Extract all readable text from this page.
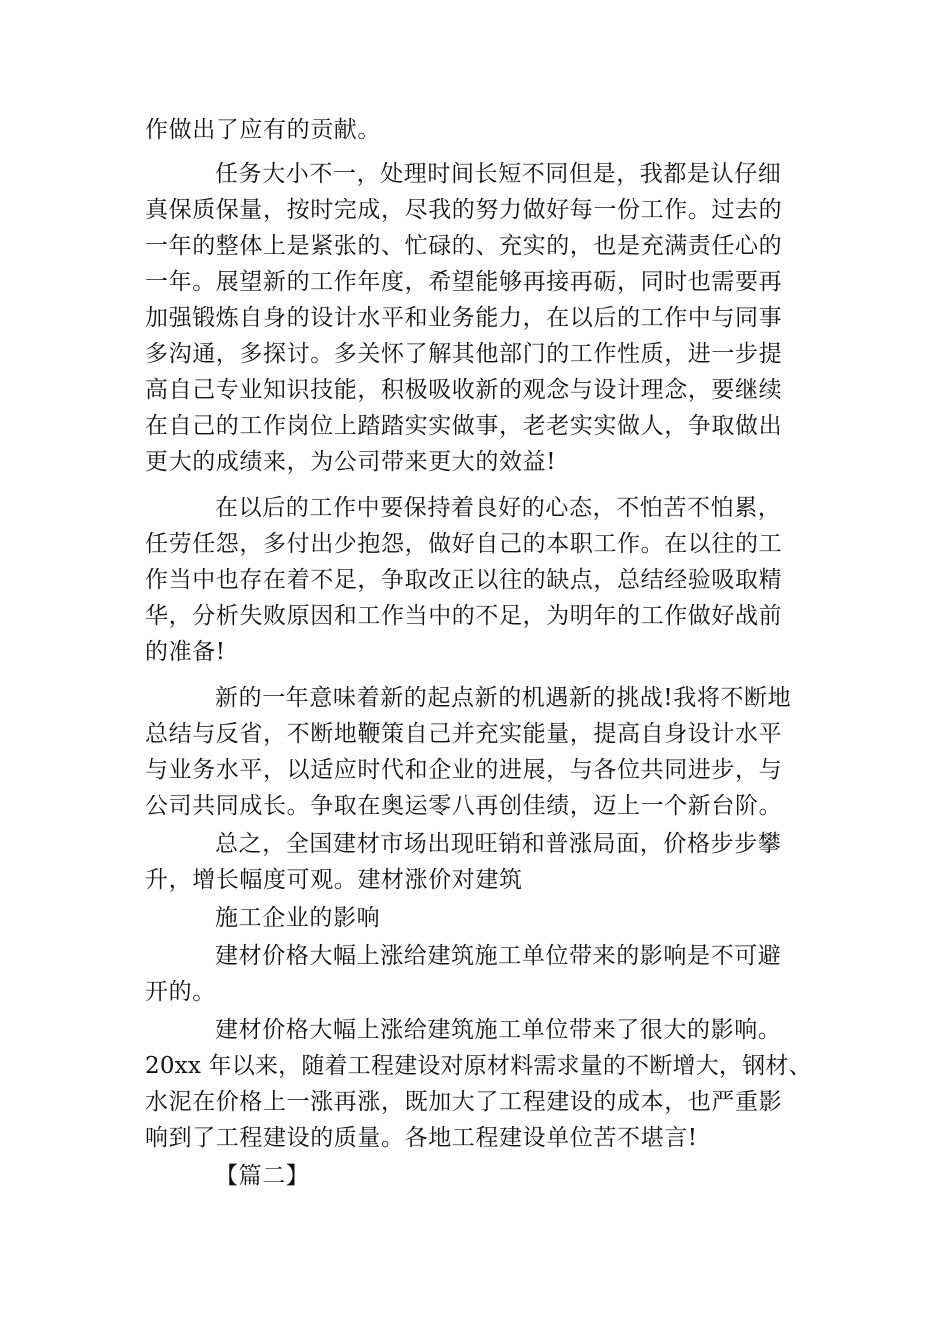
作做出了应有的贡献。
任务大小不一，处理时间长短不同但是，我都是认仔细
真保质保量，按时完成，尽我的努力做好每一份工作。过去的
一年的整体上是紧张的、忙碌的、充实的，也是充满责任心的
一年。展望新的工作年度，希望能够再接再砺，同时也需要再
加强锻炼自身的设计水平和业务能力，在以后的工作中与同事
多沟通，多探讨。多关怀了解其他部门的工作性质，进一步提
高自己专业知识技能，积极吸收新的观念与设计理念，要继续
在自己的工作岗位上踏踏实实做事，老老实实做人，争取做出
更大的成绩来，为公司带来更大的效益!
在以后的工作中要保持着良好的心态，不怕苦不怕累，
任劳任怨，多付出少抱怨，做好自己的本职工作。在以往的工
作当中也存在着不足，争取改正以往的缺点，总结经验吸取精
华，分析失败原因和工作当中的不足，为明年的工作做好战前
的准备!
新的一年意味着新的起点新的机遇新的挑战!我将不断地
总结与反省，不断地鞭策自己并充实能量，提高自身设计水平
与业务水平，以适应时代和企业的进展，与各位共同进步，与
公司共同成长。争取在奥运零八再创佳绩，迈上一个新台阶。
总之，全国建材市场出现旺销和普涨局面，价格步步攀
升，增长幅度可观。建材涨价对建筑
施工企业的影响
建材价格大幅上涨给建筑施工单位带来的影响是不可避
开的。
建材价格大幅上涨给建筑施工单位带来了很大的影响。
20xx 年以来，随着工程建设对原材料需求量的不断增大，钢材、
水泥在价格上一涨再涨，既加大了工程建设的成本，也严重影
响到了工程建设的质量。各地工程建设单位苦不堪言!
【篇二】
